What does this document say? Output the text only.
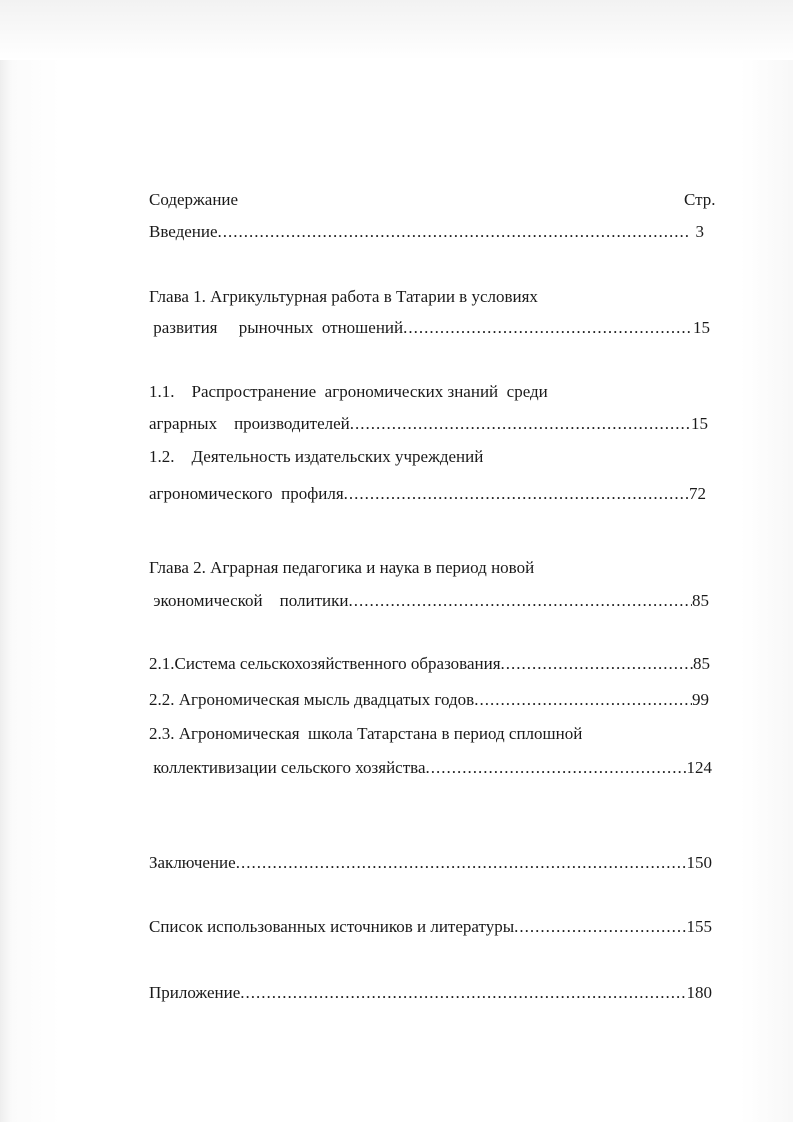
Содержание	Стр.
Введение .....	3
Глава 1. Агрикультурная работа в Татарии в условиях
развития     рыночных  отношений .....	15
1.1.    Распространение  агрономических знаний  среди
аграрных    производителей .....	15
1.2.    Деятельность издательских учреждений
агрономического  профиля .....	72
Глава 2. Аграрная педагогика и наука в период новой
экономической    политики .....	85
2.1.Система сельскохозяйственного образования .....	85
2.2. Агрономическая мысль двадцатых годов .....	99
2.3. Агрономическая  школа Татарстана в период сплошной
коллективизации сельского хозяйства .....	124
Заключение .....	150
Список использованных источников и литературы .....	155
Приложение .....	180
